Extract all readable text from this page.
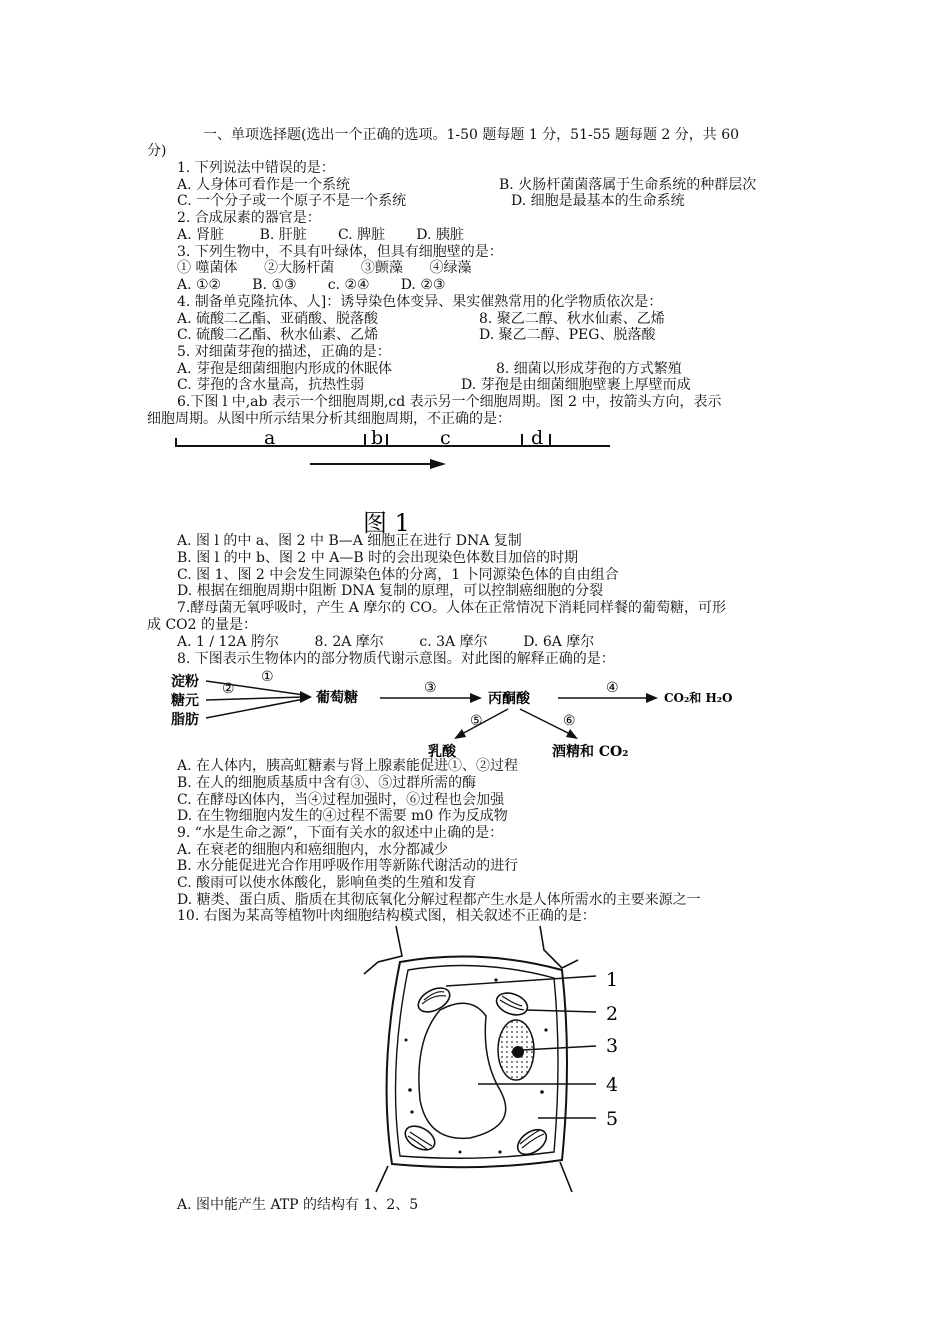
一、单项选择题(选出一个正确的选项。1-50 题每题 1 分，51-55 题每题 2 分，共 60
分)
1. 下列说法中错误的是：
A. 人身体可看作是一个系统	B. 火肠杆菌菌落属于生命系统的种群层次
C. 一个分子或一个原子不是一个系统	D. 细胞是最基本的生命系统
2. 合成尿素的器官是：
A. 肾脏        B. 肝脏       C. 脾脏       D. 胰脏
3. 下列生物中，不具有叶绿体，但具有细胞壁的是：
① 噬菌体      ②大肠杆菌      ③颤藻      ④绿藻
A. ①②       B. ①③       c. ②④       D. ②③
4. 制备单克隆抗体、人]：诱导染色体变异、果实催熟常用的化学物质依次是：
A. 硫酸二乙酯、亚硝酸、脱落酸	8. 聚乙二醇、秋水仙素、乙烯
C. 硫酸二乙酯、秋水仙素、乙烯	D. 聚乙二醇、PEG、脱落酸
5. 对细菌芽孢的描述，正确的是：
A. 芽孢是细菌细胞内形成的休眠体	8. 细菌以形成芽孢的方式繁殖
C. 芽孢的含水量高，抗热性弱	D. 芽孢是由细菌细胞壁裹上厚壁而成
6.下图 l 中,ab 表示一个细胞周期,cd 表示另一个细胞周期。图 2 中，按箭头方向，表示
细胞周期。从图中所示结果分析其细胞周期，不正确的是：
a	b	c	d
图 1
A. 图 l 的中 a、图 2 中 B—A 细胞正在进行 DNA 复制
B. 图 l 的中 b、图 2 中 A—B 时的会出现染色体数目加倍的时期
C. 图 1、图 2 中会发生同源染色体的分离，1 卜同源染色体的自由组合
D. 根据在细胞周期中阻断 DNA 复制的原理，可以控制癌细胞的分裂
7.酵母菌无氧呼吸时，产生 A 摩尔的 CO。人体在正常情况下消耗同样餐的葡萄糖，可形
成 CO2 的量是：
A. 1 / 12A 胯尔        8. 2A 摩尔        c. 3A 摩尔        D. 6A 摩尔
8. 下图表示生物体内的部分物质代谢示意图。对此图的解释正确的是：
淀粉
糖元
脂肪
①
②
葡萄糖
③
丙酮酸
④
CO₂和 H₂O
⑤	⑥
乳酸	酒精和 CO₂
A. 在人体内，胰高虹糖素与肾上腺素能促进①、②过程
B. 在人的细胞质基质中含有③、⑤过群所需的酶
C. 在酵母凶体内，当④过程加强时，⑥过程也会加强
D. 在生物细胞内发生的④过程不需要 m0 作为反成物
9. “水是生命之源”，下面有关水的叙述中止确的是：
A. 在衰老的细胞内和癌细胞内，水分都减少
B. 水分能促进光合作用呼吸作用等新陈代谢活动的进行
C. 酸雨可以使水体酸化，影响鱼类的生殖和发育
D. 糖类、蛋白质、脂质在其彻底氧化分解过程都产生水是人体所需水的主要来源之一
10. 右图为某高等植物叶肉细胞结构模式图，相关叙述不正确的是：
1
2
3
4
5
A. 图中能产生 ATP 的结构有 1、2、5
